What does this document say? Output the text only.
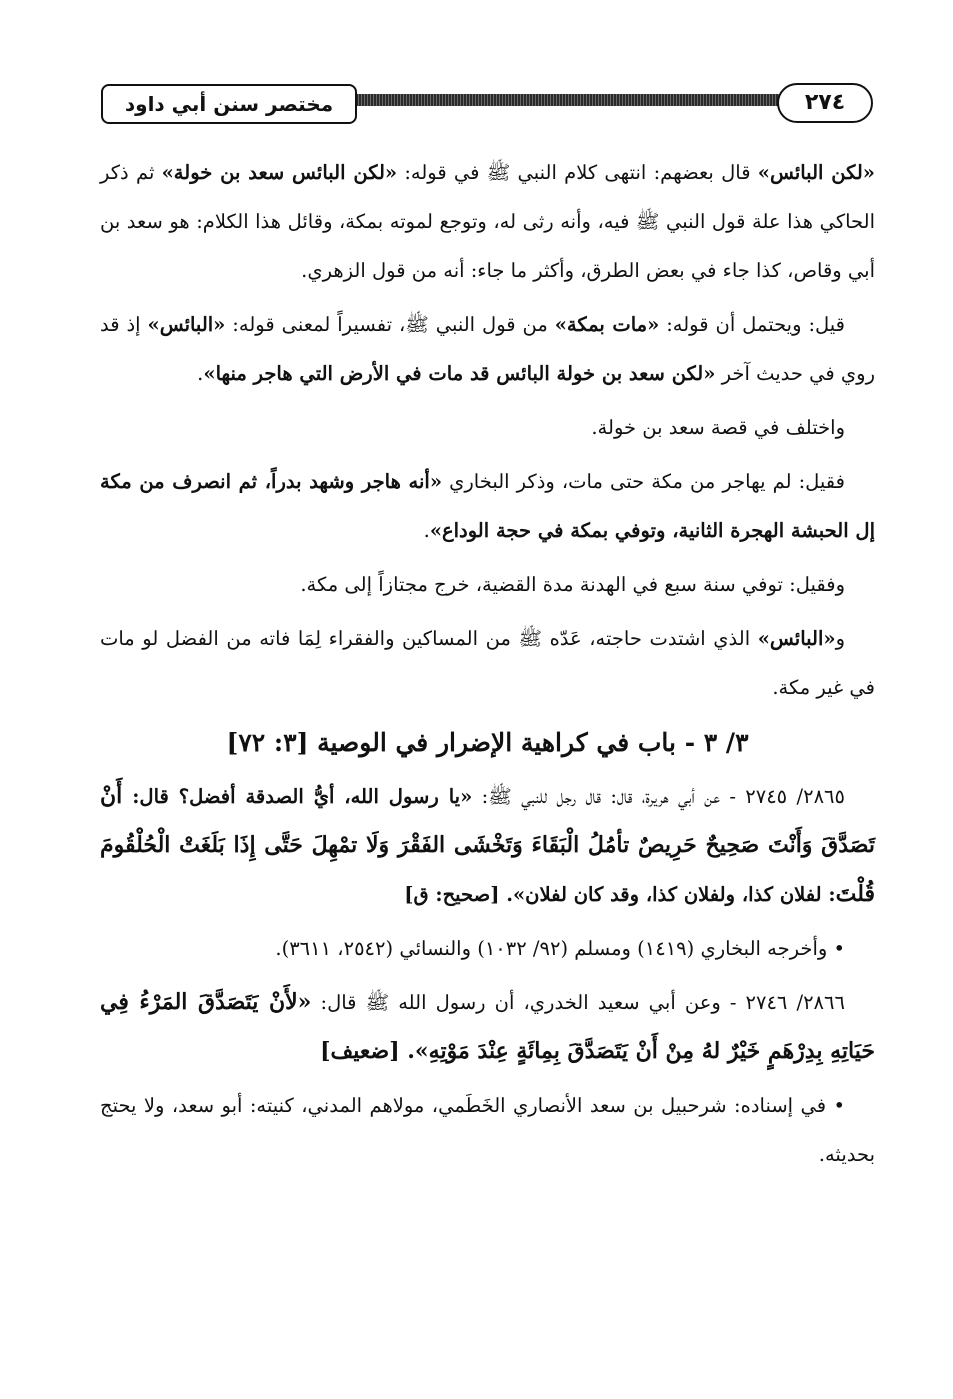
مختصر سنن أبي داود	٢٧٤

«لكن البائس» قال بعضهم: انتهى كلام النبي ﷺ في قوله: «لكن البائس سعد بن خولة» ثم ذكر الحاكي هذا علة قول النبي ﷺ فيه، وأنه رثى له، وتوجع لموته بمكة، وقائل هذا الكلام: هو سعد بن أبي وقاص، كذا جاء في بعض الطرق، وأكثر ما جاء: أنه من قول الزهري.

قيل: ويحتمل أن قوله: «مات بمكة» من قول النبي ﷺ، تفسيراً لمعنى قوله: «البائس» إذ قد روي في حديث آخر «لكن سعد بن خولة البائس قد مات في الأرض التي هاجر منها».

واختلف في قصة سعد بن خولة.

فقيل: لم يهاجر من مكة حتى مات، وذكر البخاري «أنه هاجر وشهد بدراً، ثم انصرف من مكة إل الحبشة الهجرة الثانية، وتوفي بمكة في حجة الوداع».

وفقيل: توفي سنة سبع في الهدنة مدة القضية، خرج مجتازاً إلى مكة.

و«البائس» الذي اشتدت حاجته، عَدّه ﷺ من المساكين والفقراء لِمَا فاته من الفضل لو مات في غير مكة.

٣/ ٣ - باب في كراهية الإضرار في الوصية [٣: ٧٢]

٢٨٦٥/ ٢٧٤٥ - عن أبي هريرة، قال: قال رجل للنبي ﷺ: «يا رسول الله، أيُّ الصدقة أفضل؟ قال: أَنْ تَصَدَّقَ وَأَنْتَ صَحِيحٌ حَرِيصٌ تأمُلُ الْبَقَاءَ وَتَخْشَى الفَقْرَ وَلَا تمْهِلَ حَتَّى إِذَا بَلَغَتْ الْحُلْقُومَ قُلْتَ: لفلان كذا، ولفلان كذا، وقد كان لفلان». [صحيح: ق]

• وأخرجه البخاري (١٤١٩) ومسلم (٩٢/ ١٠٣٢) والنسائي (٢٥٤٢، ٣٦١١).

٢٨٦٦/ ٢٧٤٦ - وعن أبي سعيد الخدري، أن رسول الله ﷺ قال: «لأَنْ يَتَصَدَّقَ المَرْءُ فِي حَيَاتِهِ بِدِرْهَمٍ خَيْرٌ لهُ مِنْ أَنْ يَتَصَدَّقَ بِمِائَةٍ عِنْدَ مَوْتِهِ». [ضعيف]

• في إسناده: شرحبيل بن سعد الأنصاري الخَطَمي، مولاهم المدني، كنيته: أبو سعد، ولا يحتج بحديثه.
